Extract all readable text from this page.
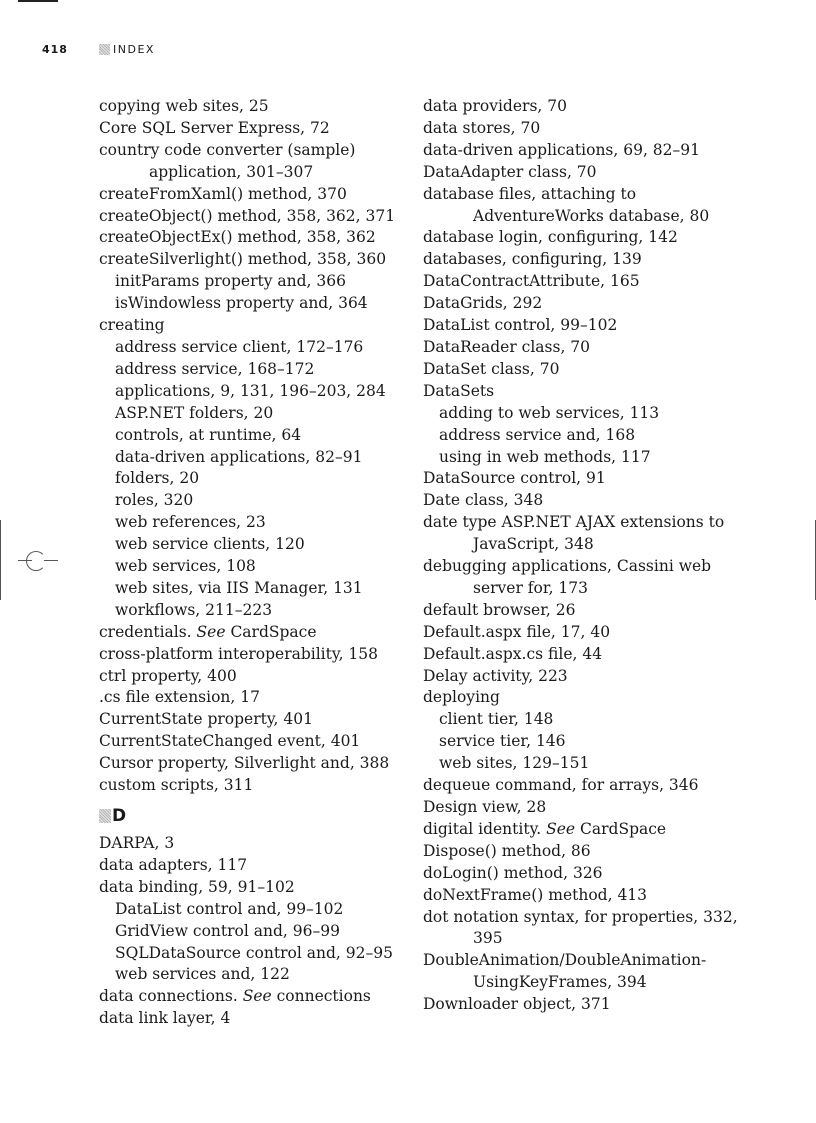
418	INDEX
copying web sites, 25
Core SQL Server Express, 72
country code converter (sample)
application, 301–307
createFromXaml() method, 370
createObject() method, 358, 362, 371
createObjectEx() method, 358, 362
createSilverlight() method, 358, 360
initParams property and, 366
isWindowless property and, 364
creating
address service client, 172–176
address service, 168–172
applications, 9, 131, 196–203, 284
ASP.NET folders, 20
controls, at runtime, 64
data-driven applications, 82–91
folders, 20
roles, 320
web references, 23
web service clients, 120
web services, 108
web sites, via IIS Manager, 131
workflows, 211–223
credentials. See CardSpace
cross-platform interoperability, 158
ctrl property, 400
.cs file extension, 17
CurrentState property, 401
CurrentStateChanged event, 401
Cursor property, Silverlight and, 388
custom scripts, 311
D
DARPA, 3
data adapters, 117
data binding, 59, 91–102
DataList control and, 99–102
GridView control and, 96–99
SQLDataSource control and, 92–95
web services and, 122
data connections. See connections
data link layer, 4
data providers, 70
data stores, 70
data-driven applications, 69, 82–91
DataAdapter class, 70
database files, attaching to
AdventureWorks database, 80
database login, configuring, 142
databases, configuring, 139
DataContractAttribute, 165
DataGrids, 292
DataList control, 99–102
DataReader class, 70
DataSet class, 70
DataSets
adding to web services, 113
address service and, 168
using in web methods, 117
DataSource control, 91
Date class, 348
date type ASP.NET AJAX extensions to
JavaScript, 348
debugging applications, Cassini web
server for, 173
default browser, 26
Default.aspx file, 17, 40
Default.aspx.cs file, 44
Delay activity, 223
deploying
client tier, 148
service tier, 146
web sites, 129–151
dequeue command, for arrays, 346
Design view, 28
digital identity. See CardSpace
Dispose() method, 86
doLogin() method, 326
doNextFrame() method, 413
dot notation syntax, for properties, 332,
395
DoubleAnimation/DoubleAnimation-
UsingKeyFrames, 394
Downloader object, 371
